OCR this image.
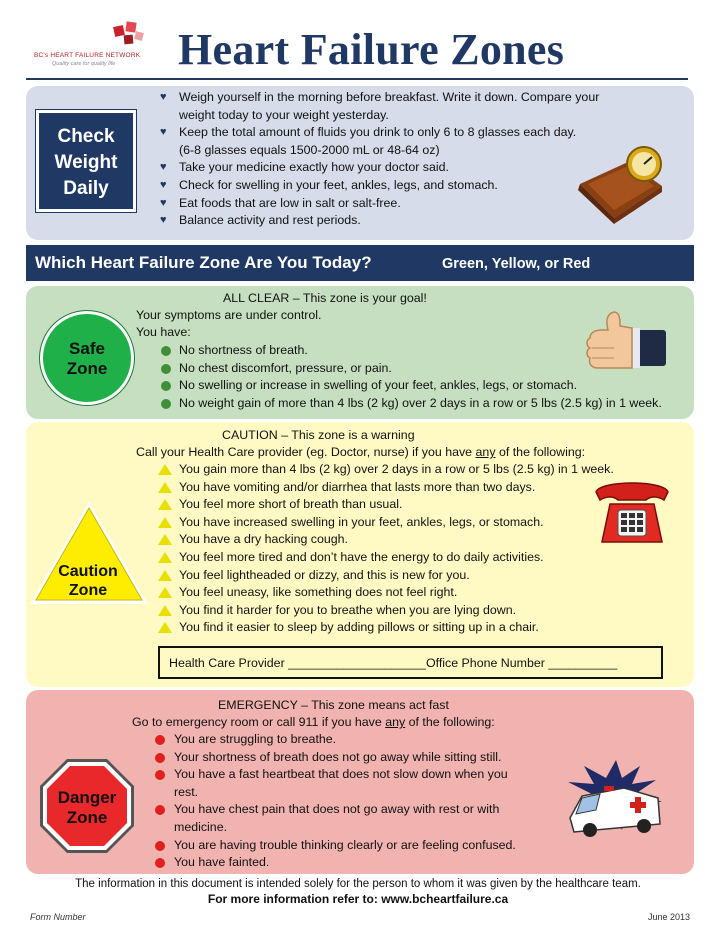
BC's HEART FAILURE NETWORK
Quality care for quality life Heart Failure Zones
Check
Weight
Daily
♥ Weigh yourself in the morning before breakfast. Write it down. Compare your
weight today to your weight yesterday.
♥ Keep the total amount of fluids you drink to only 6 to 8 glasses each day.
(6-8 glasses equals 1500-2000 mL or 48-64 oz)
♥ Take your medicine exactly how your doctor said.
♥ Check for swelling in your feet, ankles, legs, and stomach.
♥ Eat foods that are low in salt or salt-free.
♥ Balance activity and rest periods.
Which Heart Failure Zone Are You Today?	Green, Yellow, or Red
Safe
Zone
ALL CLEAR – This zone is your goal!
Your symptoms are under control.
You have:
No shortness of breath.
No chest discomfort, pressure, or pain.
No swelling or increase in swelling of your feet, ankles, legs, or stomach.
No weight gain of more than 4 lbs (2 kg) over 2 days in a row or 5 lbs (2.5 kg) in 1 week.
Caution
Zone
CAUTION – This zone is a warning
Call your Health Care provider (eg. Doctor, nurse) if you have any of the following:
You gain more than 4 lbs (2 kg) over 2 days in a row or 5 lbs (2.5 kg) in 1 week.
You have vomiting and/or diarrhea that lasts more than two days.
You feel more short of breath than usual.
You have increased swelling in your feet, ankles, legs, or stomach.
You have a dry hacking cough.
You feel more tired and don’t have the energy to do daily activities.
You feel lightheaded or dizzy, and this is new for you.
You feel uneasy, like something does not feel right.
You find it harder for you to breathe when you are lying down.
You find it easier to sleep by adding pillows or sitting up in a chair.
Health Care Provider ____________________Office Phone Number __________
Danger
Zone
EMERGENCY – This zone means act fast
Go to emergency room or call 911 if you have any of the following:
You are struggling to breathe.
Your shortness of breath does not go away while sitting still.
You have a fast heartbeat that does not slow down when you
rest.
You have chest pain that does not go away with rest or with
medicine.
You are having trouble thinking clearly or are feeling confused.
You have fainted.
The information in this document is intended solely for the person to whom it was given by the healthcare team.
For more information refer to: www.bcheartfailure.ca
Form Number	June 2013
